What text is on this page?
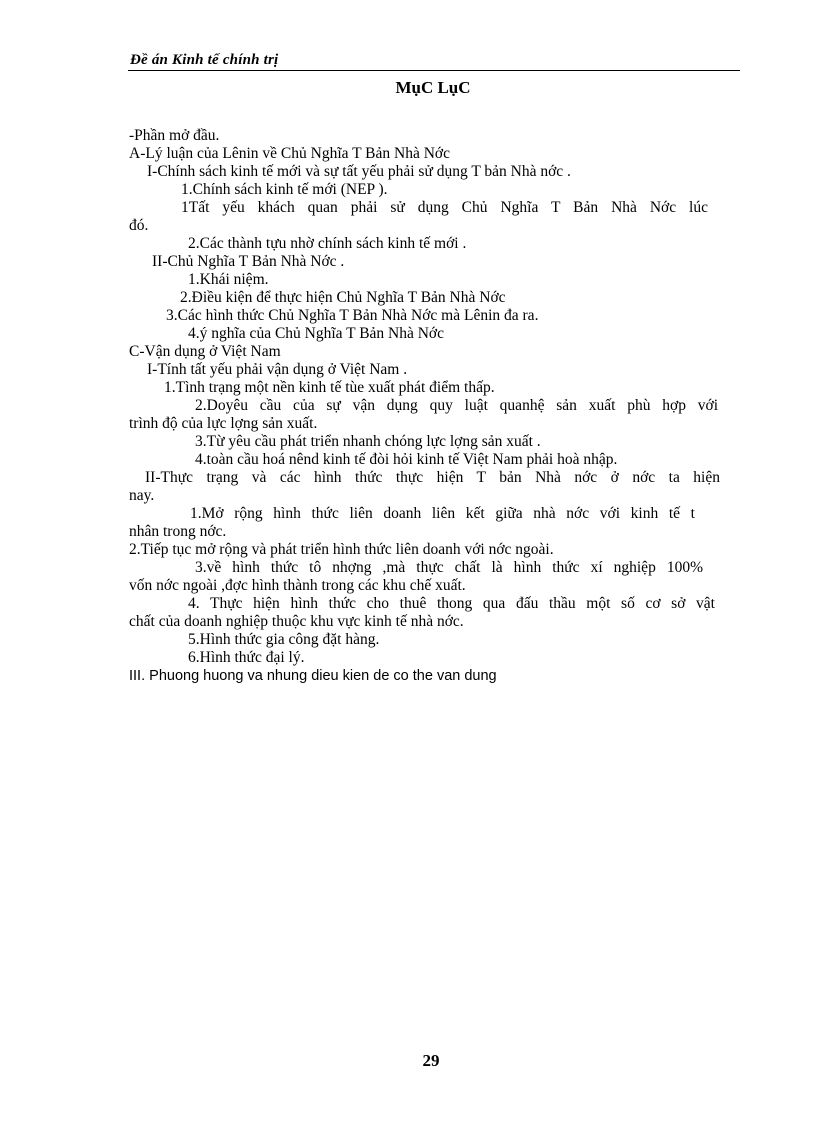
Đề án Kinh tế chính trị
MụC LụC
-Phần mở đầu.
A-Lý luận của Lênin về Chủ Nghĩa T Bản Nhà Nớc
I-Chính sách kinh tế mới và sự tất yếu phải sử dụng T bản Nhà nớc .
1.Chính sách kinh tế mới (NEP ).
1Tất yếu khách quan phải sử dụng Chủ Nghĩa T Bản Nhà Nớc lúc
đó.
2.Các thành tựu nhờ chính sách kinh tế mới .
II-Chủ Nghĩa T Bản Nhà Nớc .
1.Khái niệm.
2.Điều kiện để thực hiện Chủ Nghĩa T Bản Nhà Nớc
3.Các hình thức Chủ Nghĩa T Bản Nhà Nớc mà Lênin đa ra.
4.ý nghĩa của Chủ Nghĩa T Bản Nhà Nớc
C-Vận dụng ở Việt Nam
I-Tính tất yếu phải vận dụng ở Việt Nam .
1.Tình trạng một nền kinh tế tùe xuất phát điểm thấp.
2.Doyêu cầu của sự vận dụng quy luật quanhệ sản xuất phù hợp với
trình độ của lực lợng sản xuất.
3.Từ yêu cầu phát triển nhanh chóng lực lợng sản xuất .
4.toàn cầu hoá nênd kinh tế đòi hỏi kinh tế Việt Nam phải hoà nhập.
II-Thực trạng và các hình thức thực hiện T bản Nhà nớc ở nớc ta hiện
nay.
1.Mở rộng hình thức liên doanh liên kết giữa nhà nớc với kinh tế t
nhân trong nớc.
2.Tiếp tục mở rộng và phát triển hình thức liên doanh với nớc ngoài.
3.về hình thức tô nhợng ,mà thực chất là hình thức xí nghiệp 100%
vốn nớc ngoài ,đợc hình thành trong các khu chế xuất.
4. Thực hiện hình thức cho thuê thong qua đấu thầu một số cơ sở vật
chất của doanh nghiệp thuộc khu vực kinh tế nhà nớc.
5.Hình thức gia công đặt hàng.
6.Hình thức đại lý.
III. Phuong huong va nhung dieu kien de co the van dung
29
